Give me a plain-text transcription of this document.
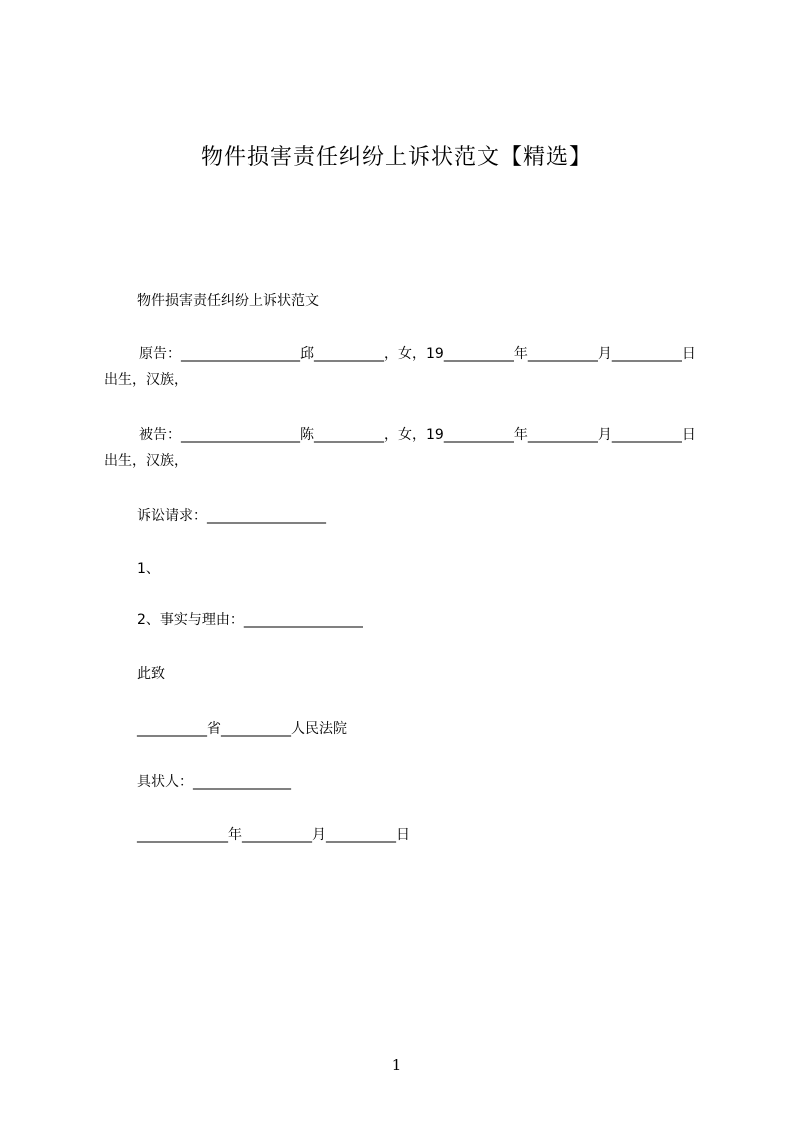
物件损害责任纠纷上诉状范文【精选】
物件损害责任纠纷上诉状范文
原告：_________________邱__________，女，19__________年__________月__________日出生，汉族，
被告：_________________陈__________，女，19__________年__________月__________日出生，汉族，
诉讼请求：_________________
1、
2、事实与理由：_________________
此致
__________省__________人民法院
具状人：______________
_____________年__________月__________日
1
